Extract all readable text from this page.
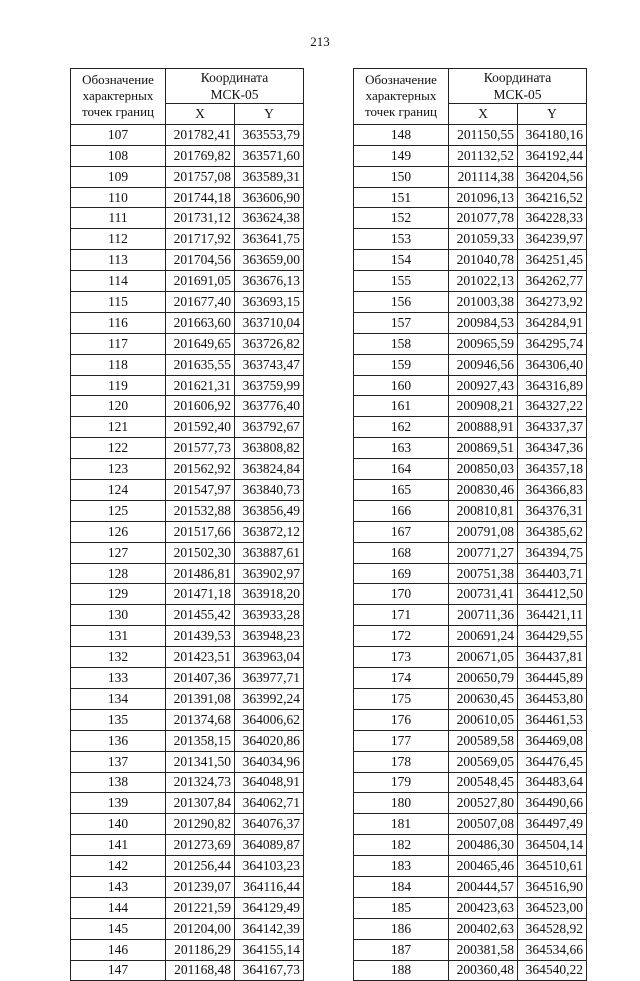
213
Обозначение
характерных
точек границ	Координата
МСК-05	
	X	Y
107	201782,41	363553,79
108	201769,82	363571,60
109	201757,08	363589,31
110	201744,18	363606,90
111	201731,12	363624,38
112	201717,92	363641,75
113	201704,56	363659,00
114	201691,05	363676,13
115	201677,40	363693,15
116	201663,60	363710,04
117	201649,65	363726,82
118	201635,55	363743,47
119	201621,31	363759,99
120	201606,92	363776,40
121	201592,40	363792,67
122	201577,73	363808,82
123	201562,92	363824,84
124	201547,97	363840,73
125	201532,88	363856,49
126	201517,66	363872,12
127	201502,30	363887,61
128	201486,81	363902,97
129	201471,18	363918,20
130	201455,42	363933,28
131	201439,53	363948,23
132	201423,51	363963,04
133	201407,36	363977,71
134	201391,08	363992,24
135	201374,68	364006,62
136	201358,15	364020,86
137	201341,50	364034,96
138	201324,73	364048,91
139	201307,84	364062,71
140	201290,82	364076,37
141	201273,69	364089,87
142	201256,44	364103,23
143	201239,07	364116,44
144	201221,59	364129,49
145	201204,00	364142,39
146	201186,29	364155,14
147	201168,48	364167,73
Обозначение
характерных
точек границ	Координата
МСК-05	
	X	Y
148	201150,55	364180,16
149	201132,52	364192,44
150	201114,38	364204,56
151	201096,13	364216,52
152	201077,78	364228,33
153	201059,33	364239,97
154	201040,78	364251,45
155	201022,13	364262,77
156	201003,38	364273,92
157	200984,53	364284,91
158	200965,59	364295,74
159	200946,56	364306,40
160	200927,43	364316,89
161	200908,21	364327,22
162	200888,91	364337,37
163	200869,51	364347,36
164	200850,03	364357,18
165	200830,46	364366,83
166	200810,81	364376,31
167	200791,08	364385,62
168	200771,27	364394,75
169	200751,38	364403,71
170	200731,41	364412,50
171	200711,36	364421,11
172	200691,24	364429,55
173	200671,05	364437,81
174	200650,79	364445,89
175	200630,45	364453,80
176	200610,05	364461,53
177	200589,58	364469,08
178	200569,05	364476,45
179	200548,45	364483,64
180	200527,80	364490,66
181	200507,08	364497,49
182	200486,30	364504,14
183	200465,46	364510,61
184	200444,57	364516,90
185	200423,63	364523,00
186	200402,63	364528,92
187	200381,58	364534,66
188	200360,48	364540,22
